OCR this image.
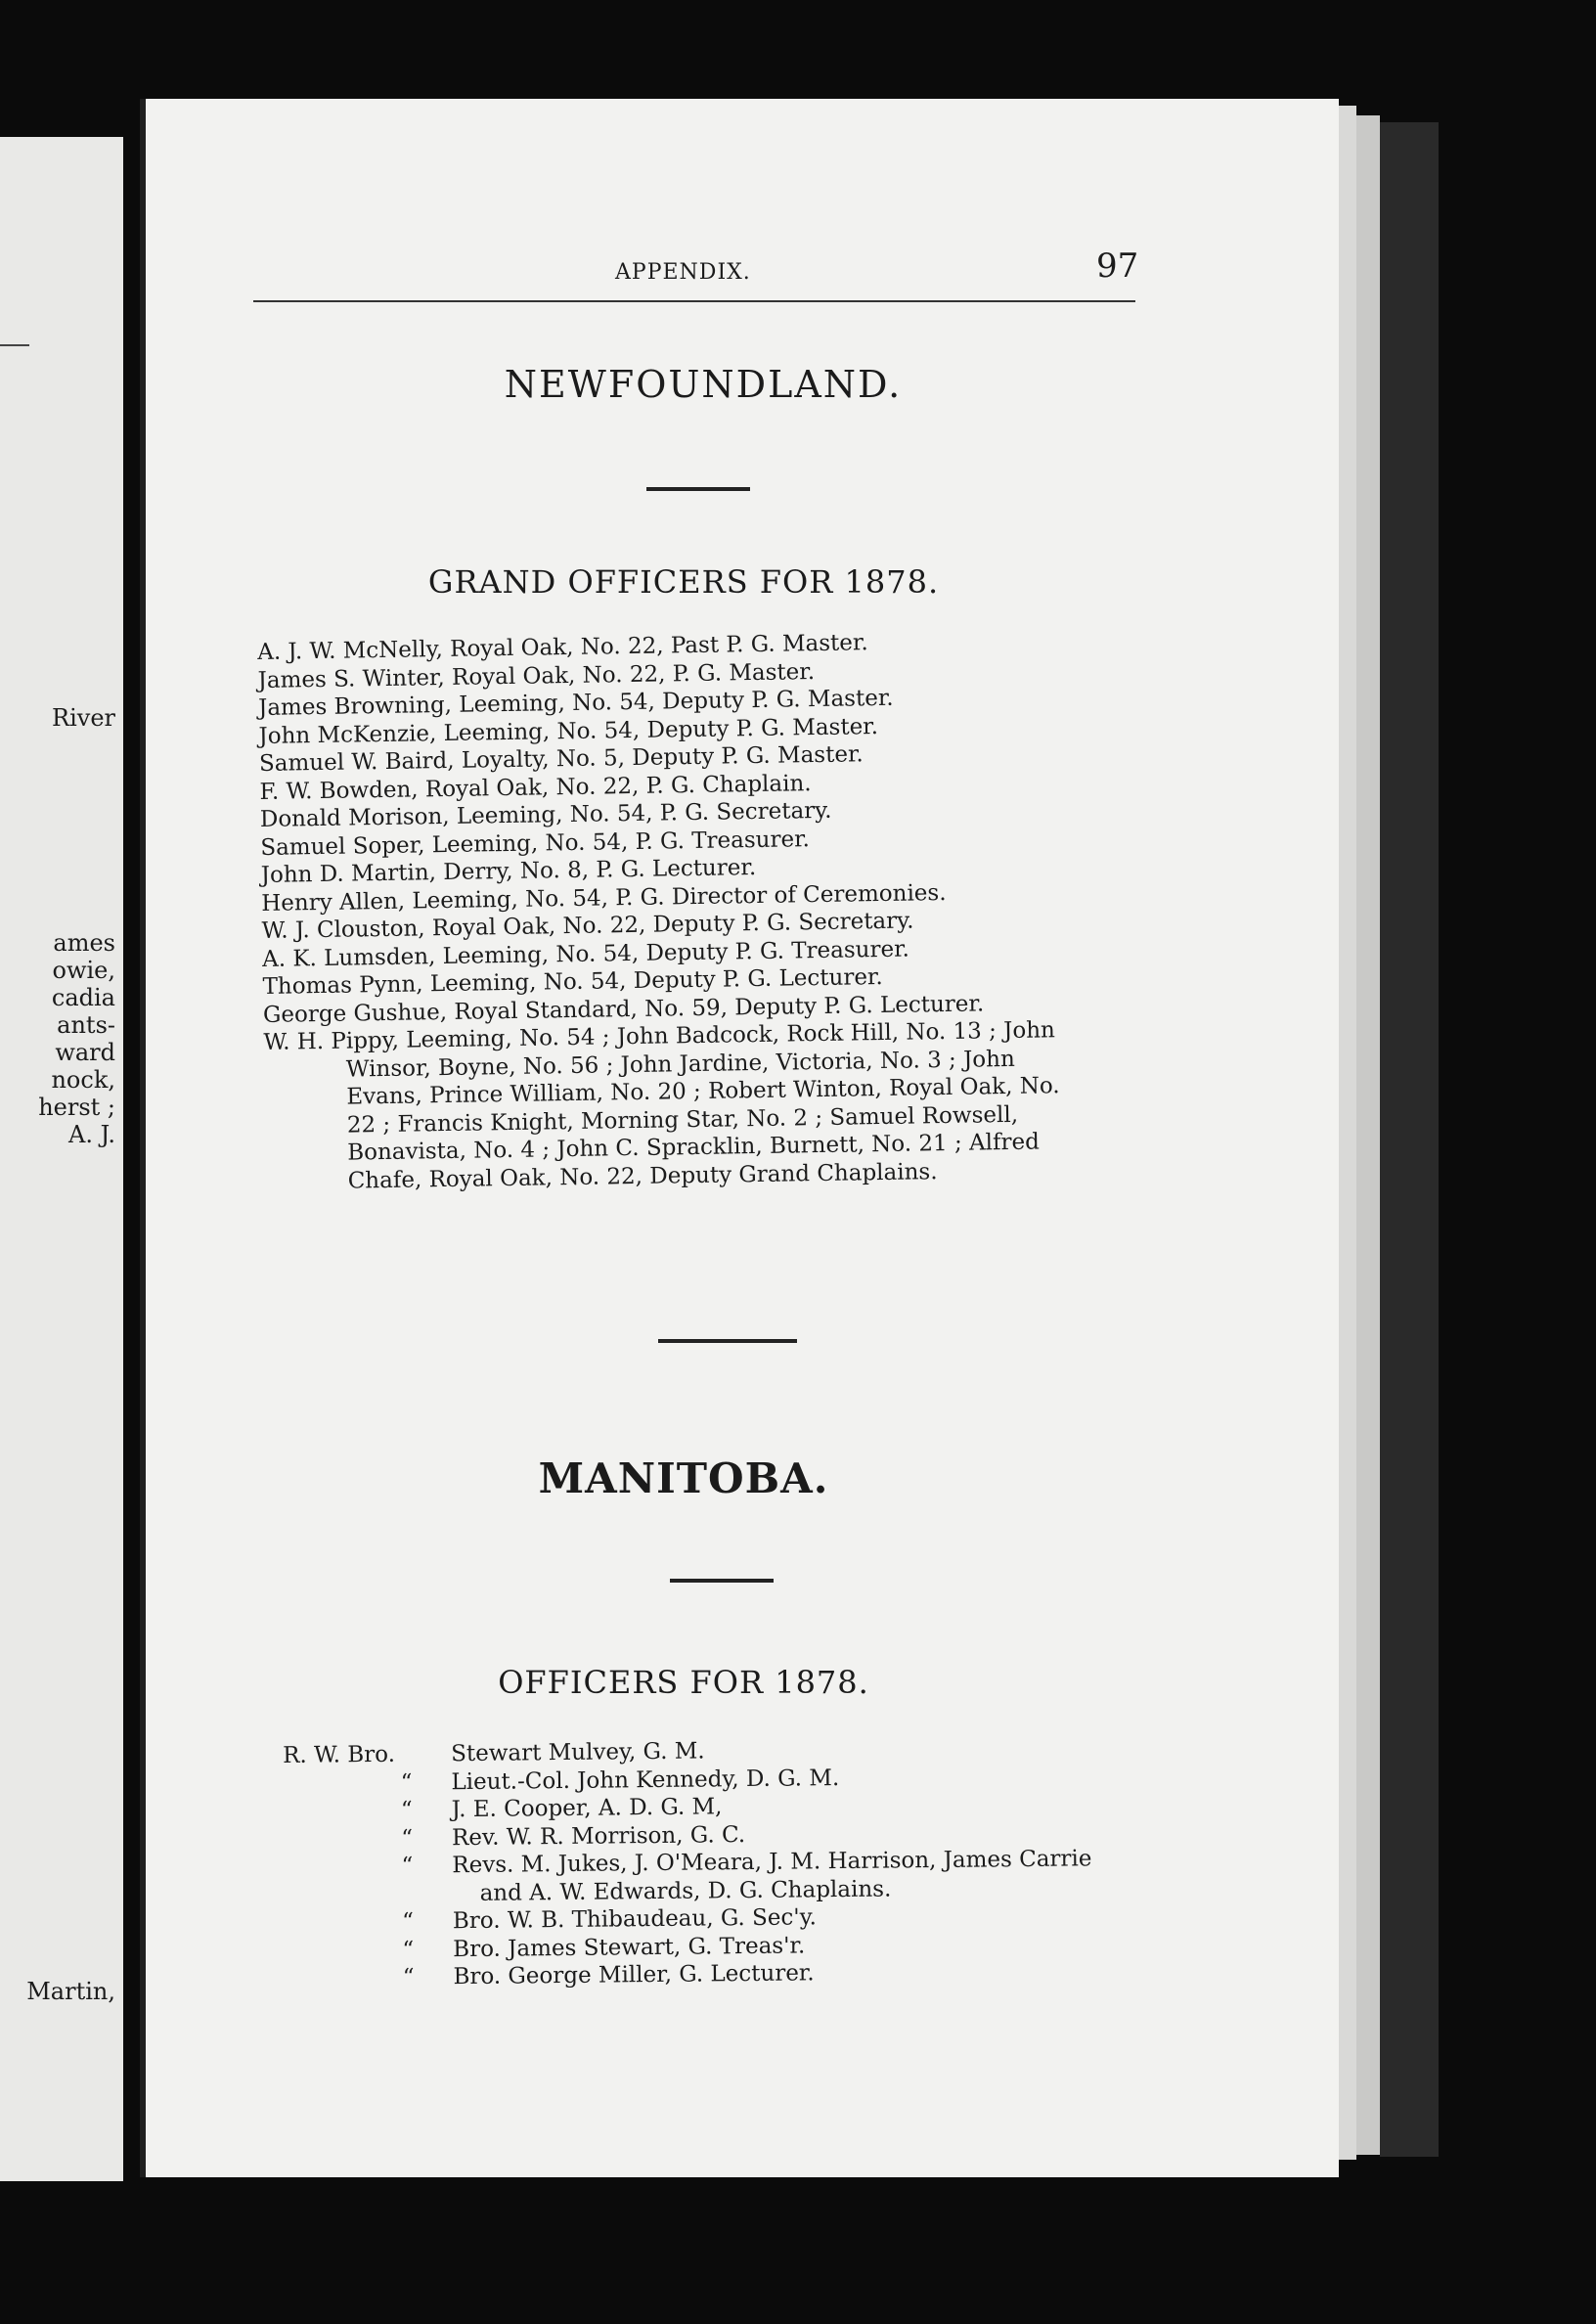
River
ames
owie,
cadia
ants-
ward
nock,
herst ;
A. J.
Martin,
APPENDIX.	97
NEWFOUNDLAND.
GRAND OFFICERS FOR 1878.
A. J. W. McNelly, Royal Oak, No. 22, Past P. G. Master.
James S. Winter, Royal Oak, No. 22, P. G. Master.
James Browning, Leeming, No. 54, Deputy P. G. Master.
John McKenzie, Leeming, No. 54, Deputy P. G. Master.
Samuel W. Baird, Loyalty, No. 5, Deputy P. G. Master.
F. W. Bowden, Royal Oak, No. 22, P. G. Chaplain.
Donald Morison, Leeming, No. 54, P. G. Secretary.
Samuel Soper, Leeming, No. 54, P. G. Treasurer.
John D. Martin, Derry, No. 8, P. G. Lecturer.
Henry Allen, Leeming, No. 54, P. G. Director of Ceremonies.
W. J. Clouston, Royal Oak, No. 22, Deputy P. G. Secretary.
A. K. Lumsden, Leeming, No. 54, Deputy P. G. Treasurer.
Thomas Pynn, Leeming, No. 54, Deputy P. G. Lecturer.
George Gushue, Royal Standard, No. 59, Deputy P. G. Lecturer.
W. H. Pippy, Leeming, No. 54 ; John Badcock, Rock Hill, No. 13 ; John
Winsor, Boyne, No. 56 ; John Jardine, Victoria, No. 3 ; John
Evans, Prince William, No. 20 ; Robert Winton, Royal Oak, No.
22 ; Francis Knight, Morning Star, No. 2 ; Samuel Rowsell,
Bonavista, No. 4 ; John C. Spracklin, Burnett, No. 21 ; Alfred
Chafe, Royal Oak, No. 22, Deputy Grand Chaplains.
MANITOBA.
OFFICERS FOR 1878.
R. W. Bro.	Stewart Mulvey, G. M.
“	Lieut.-Col. John Kennedy, D. G. M.
“	J. E. Cooper, A. D. G. M,
“	Rev. W. R. Morrison, G. C.
“	Revs. M. Jukes, J. O'Meara, J. M. Harrison, James Carrie
and A. W. Edwards, D. G. Chaplains.
“	Bro. W. B. Thibaudeau, G. Sec'y.
“	Bro. James Stewart, G. Treas'r.
“	Bro. George Miller, G. Lecturer.
